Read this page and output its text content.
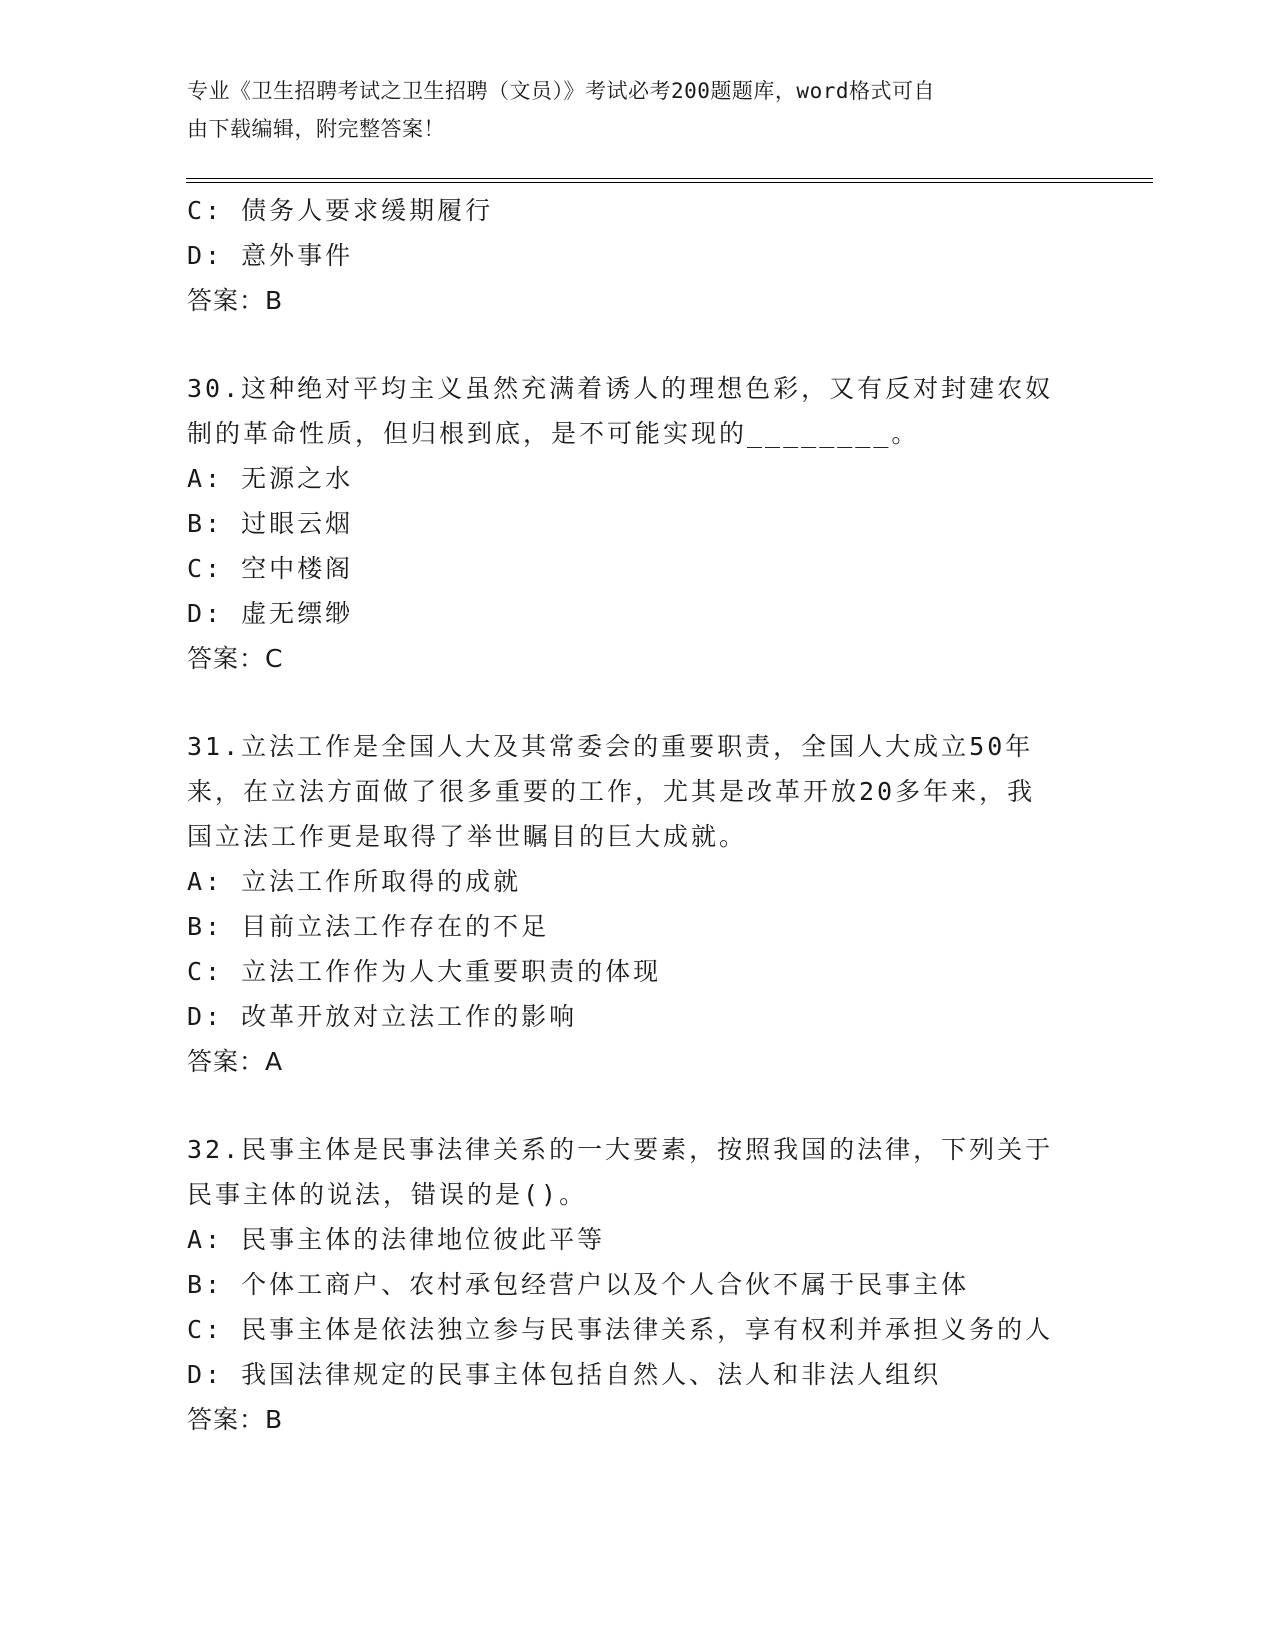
专业《卫生招聘考试之卫生招聘（文员）》考试必考200题题库，word格式可自
由下载编辑，附完整答案！
C: 债务人要求缓期履行
D: 意外事件
答案：B
30.这种绝对平均主义虽然充满着诱人的理想色彩，又有反对封建农奴
制的革命性质，但归根到底，是不可能实现的________。
A: 无源之水
B: 过眼云烟
C: 空中楼阁
D: 虚无缥缈
答案：C
31.立法工作是全国人大及其常委会的重要职责，全国人大成立50年
来，在立法方面做了很多重要的工作，尤其是改革开放20多年来，我
国立法工作更是取得了举世瞩目的巨大成就。
A: 立法工作所取得的成就
B: 目前立法工作存在的不足
C: 立法工作作为人大重要职责的体现
D: 改革开放对立法工作的影响
答案：A
32.民事主体是民事法律关系的一大要素，按照我国的法律，下列关于
民事主体的说法，错误的是()。
A: 民事主体的法律地位彼此平等
B: 个体工商户、农村承包经营户以及个人合伙不属于民事主体
C: 民事主体是依法独立参与民事法律关系，享有权利并承担义务的人
D: 我国法律规定的民事主体包括自然人、法人和非法人组织
答案：B
